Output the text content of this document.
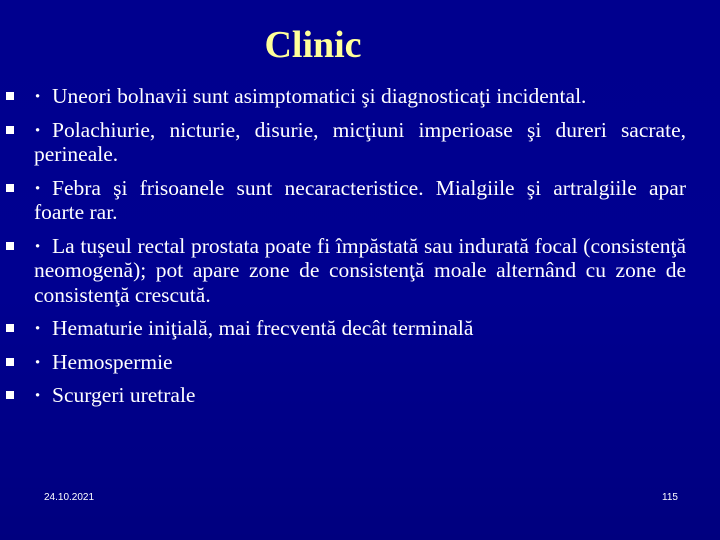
Clinic
· Uneori bolnavii sunt asimptomatici şi diagnosticaţi incidental.
· Polachiurie, nicturie, disurie, micţiuni imperioase şi dureri sacrate, perineale.
· Febra şi frisoanele sunt necaracteristice. Mialgiile şi artralgiile apar foarte rar.
· La tuşeul rectal prostata poate fi împăstată sau indurată focal (consistenţă neomogenă); pot apare zone de consistenţă moale alternând cu zone de consistenţă crescută.
· Hematurie iniţială, mai frecventă decât terminală
· Hemospermie
· Scurgeri uretrale
24.10.2021	115
